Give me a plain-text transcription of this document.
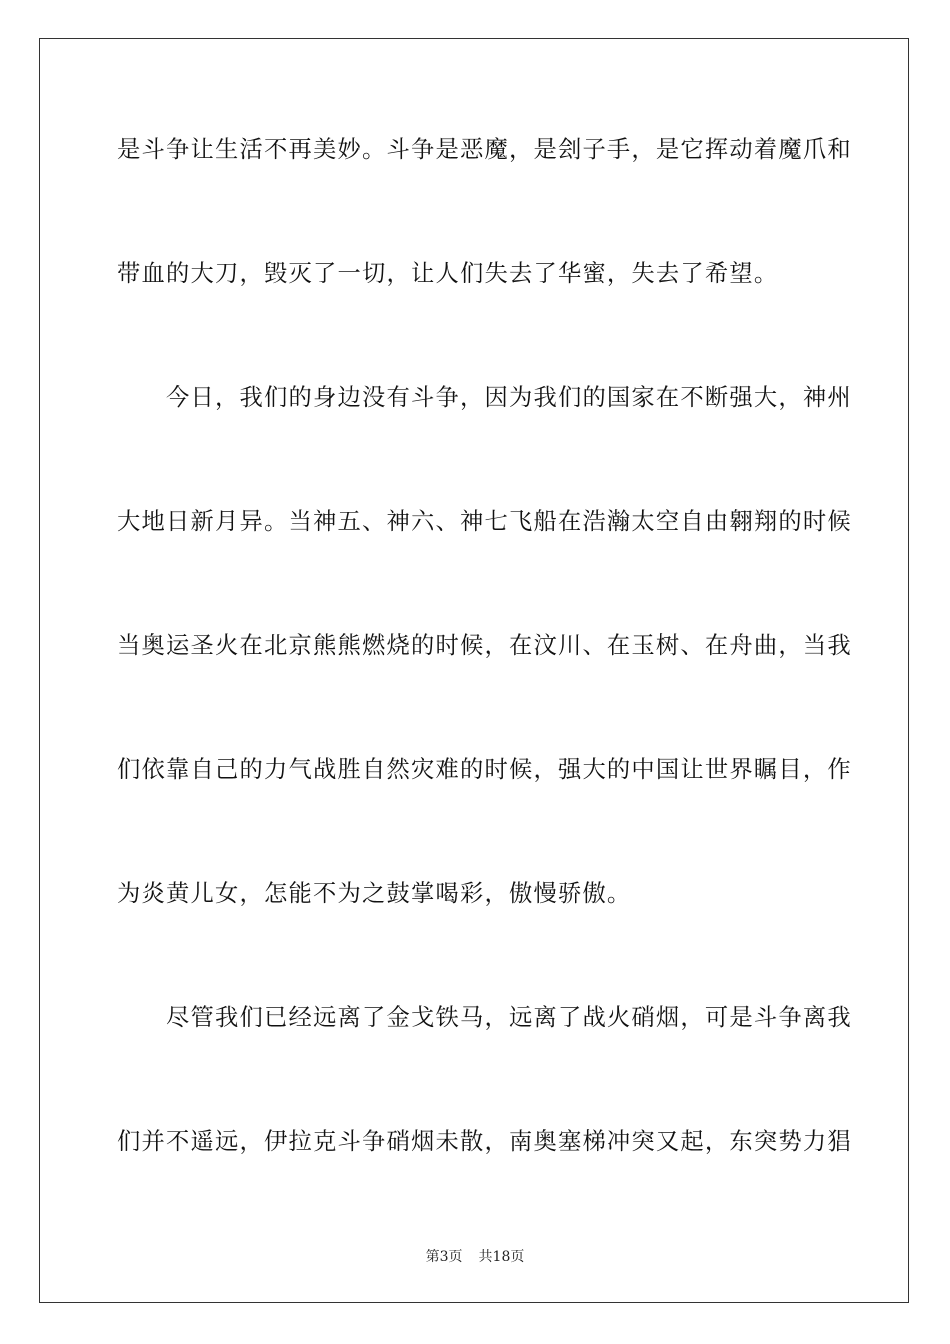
是斗争让生活不再美妙。斗争是恶魔，是刽子手，是它挥动着魔爪和
带血的大刀，毁灭了一切，让人们失去了华蜜，失去了希望。
　　今日，我们的身边没有斗争，因为我们的国家在不断强大，神州
大地日新月异。当神五、神六、神七飞船在浩瀚太空自由翱翔的时候
当奥运圣火在北京熊熊燃烧的时候，在汶川、在玉树、在舟曲，当我
们依靠自己的力气战胜自然灾难的时候，强大的中国让世界瞩目，作
为炎黄儿女，怎能不为之鼓掌喝彩，傲慢骄傲。
　　尽管我们已经远离了金戈铁马，远离了战火硝烟，可是斗争离我
们并不遥远，伊拉克斗争硝烟未散，南奥塞梯冲突又起，东突势力猖
第3页 共18页
